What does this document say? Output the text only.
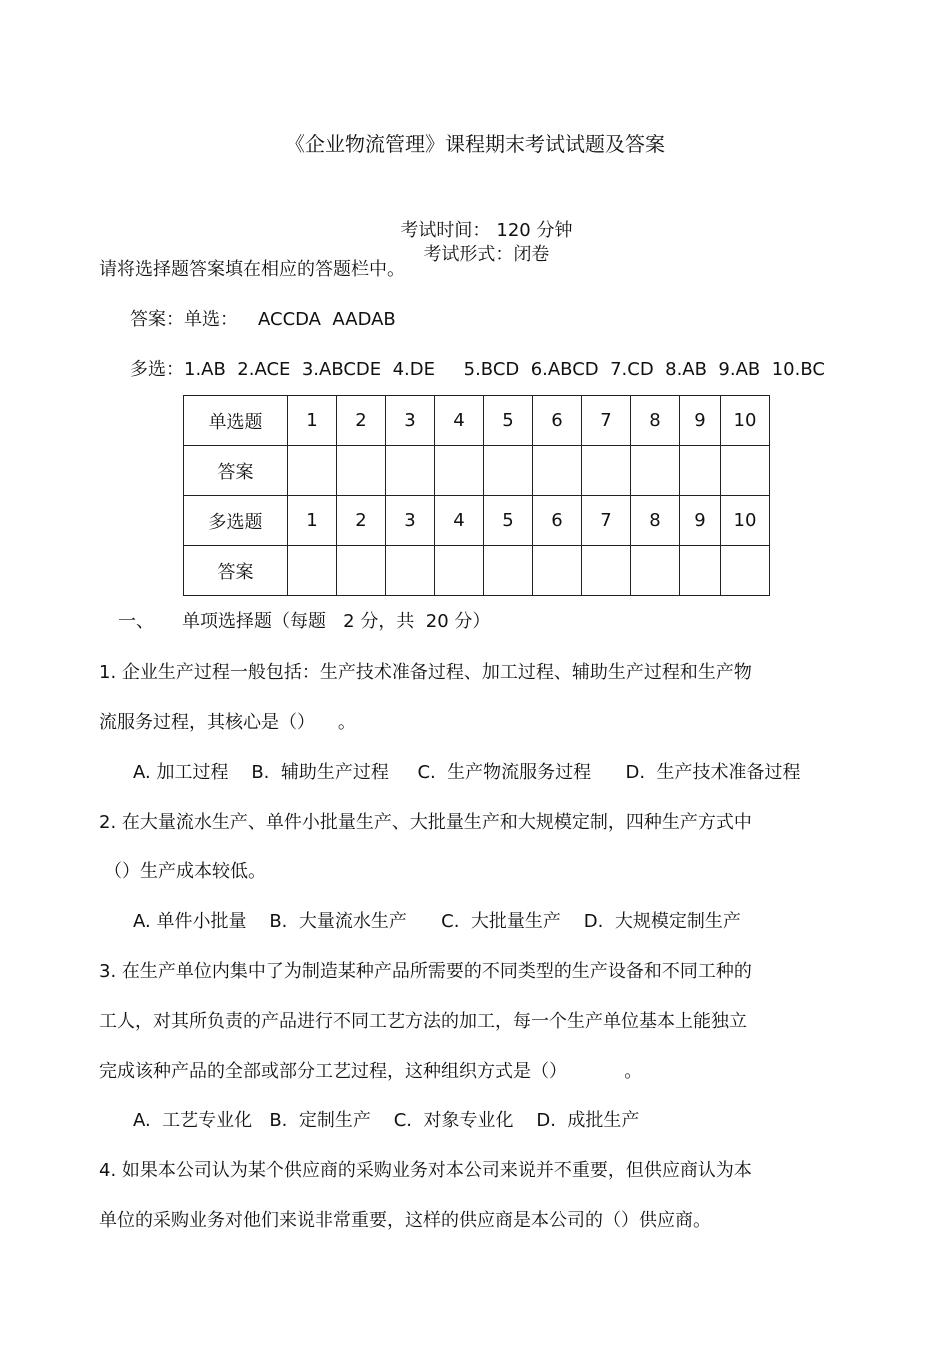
《企业物流管理》课程期末考试试题及答案

考试时间： 120 分钟
考试形式：闭卷

请将选择题答案填在相应的答题栏中。
答案：单选： ACCDA  AADAB
多选：1.AB  2.ACE  3.ABCDE  4.DE     5.BCD  6.ABCD  7.CD  8.AB  9.AB  10.BC
单选题	1	2	3	4	5	6	7	8	9	10
答案										
多选题	1	2	3	4	5	6	7	8	9	10
答案										
一、 单项选择题（每题   2 分，共  20 分）
1. 企业生产过程一般包括：生产技术准备过程、加工过程、辅助生产过程和生产物
流服务过程，其核心是（）    。
A. 加工过程    B.  辅助生产过程     C.  生产物流服务过程      D.  生产技术准备过程
2. 在大量流水生产、单件小批量生产、大批量生产和大规模定制，四种生产方式中
（）生产成本较低。
A. 单件小批量    B.  大量流水生产      C.  大批量生产    D.  大规模定制生产
3. 在生产单位内集中了为制造某种产品所需要的不同类型的生产设备和不同工种的
工人，对其所负责的产品进行不同工艺方法的加工，每一个生产单位基本上能独立
完成该种产品的全部或部分工艺过程，这种组织方式是（）          。
A.  工艺专业化   B.  定制生产    C.  对象专业化    D.  成批生产
4. 如果本公司认为某个供应商的采购业务对本公司来说并不重要，但供应商认为本
单位的采购业务对他们来说非常重要，这样的供应商是本公司的（）供应商。
